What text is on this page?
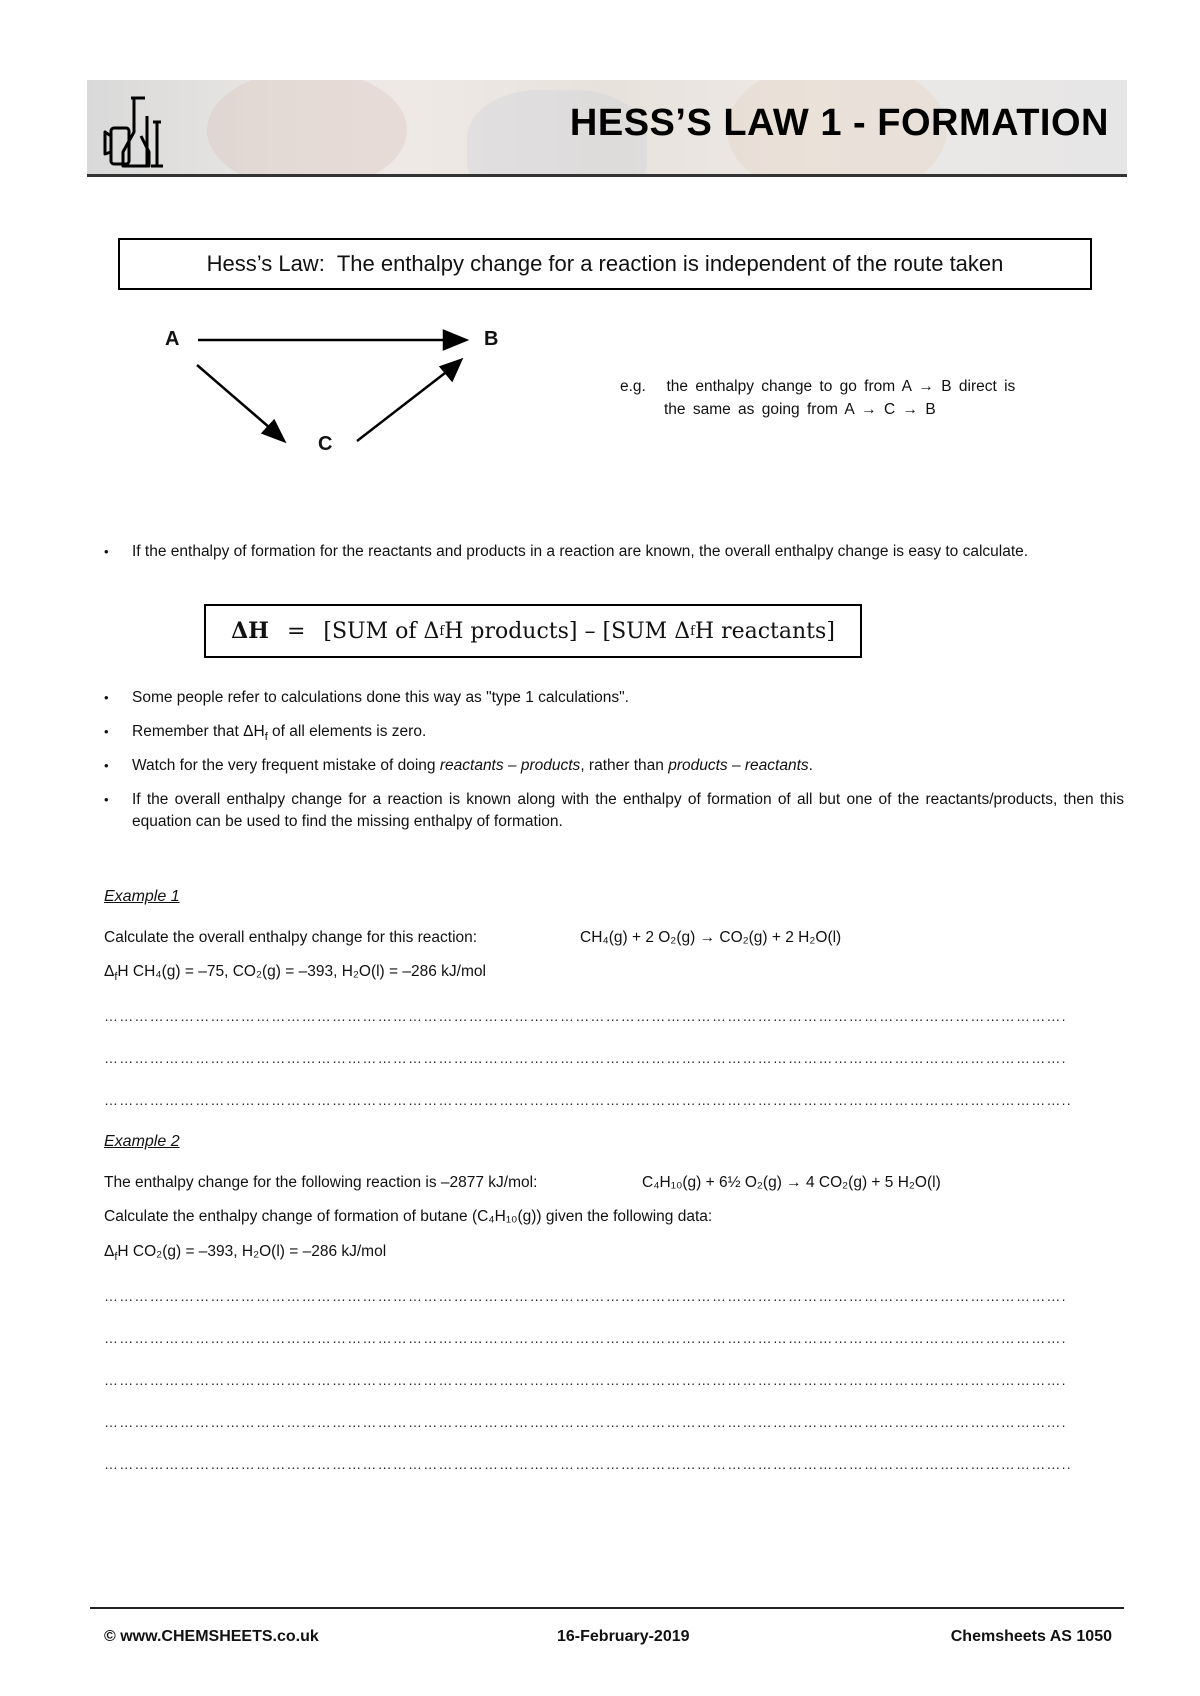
HESS’S LAW 1 - FORMATION
Hess’s Law: The enthalpy change for a reaction is independent of the route taken
A	B
C
e.g. the enthalpy change to go from A → B direct is
the same as going from A → C → B
•	If the enthalpy of formation for the reactants and products in a reaction are known, the overall enthalpy change is easy to calculate.
ΔH = [SUM of Δ f H products] – [SUM Δ f H reactants]
•	Some people refer to calculations done this way as "type 1 calculations".
•	Remember that $\Delta H_f$ of all elements is zero.
•	Watch for the very frequent mistake of doing reactants – products, rather than products – reactants.
•	If the overall enthalpy change for a reaction is known along with the enthalpy of formation of all but one of the reactants/products, then this equation can be used to find the missing enthalpy of formation.
Example 1
Calculate the overall enthalpy change for this reaction:	CH₄(g) + 2 O₂(g) → CO₂(g) + 2 H₂O(l)
$\Delta_fH$ CH₄(g) = –75, CO₂(g) = –393, H₂O(l) = –286 kJ/mol
……………………………………………………………………………………………………………………………………………………………………….
……………………………………………………………………………………………………………………………………………………………………….
………………………………………………………………………………………………………………………………………………………………………..
Example 2
The enthalpy change for the following reaction is –2877 kJ/mol:	C₄H₁₀(g) + 6½ O₂(g) → 4 CO₂(g) + 5 H₂O(l)
Calculate the enthalpy change of formation of butane (C₄H₁₀(g)) given the following data:
$\Delta_fH$ CO₂(g) = –393, H₂O(l) = –286 kJ/mol
……………………………………………………………………………………………………………………………………………………………………….
……………………………………………………………………………………………………………………………………………………………………….
……………………………………………………………………………………………………………………………………………………………………….
……………………………………………………………………………………………………………………………………………………………………….
………………………………………………………………………………………………………………………………………………………………………..
© www.CHEMSHEETS.co.uk	16-February-2019	Chemsheets AS 1050
